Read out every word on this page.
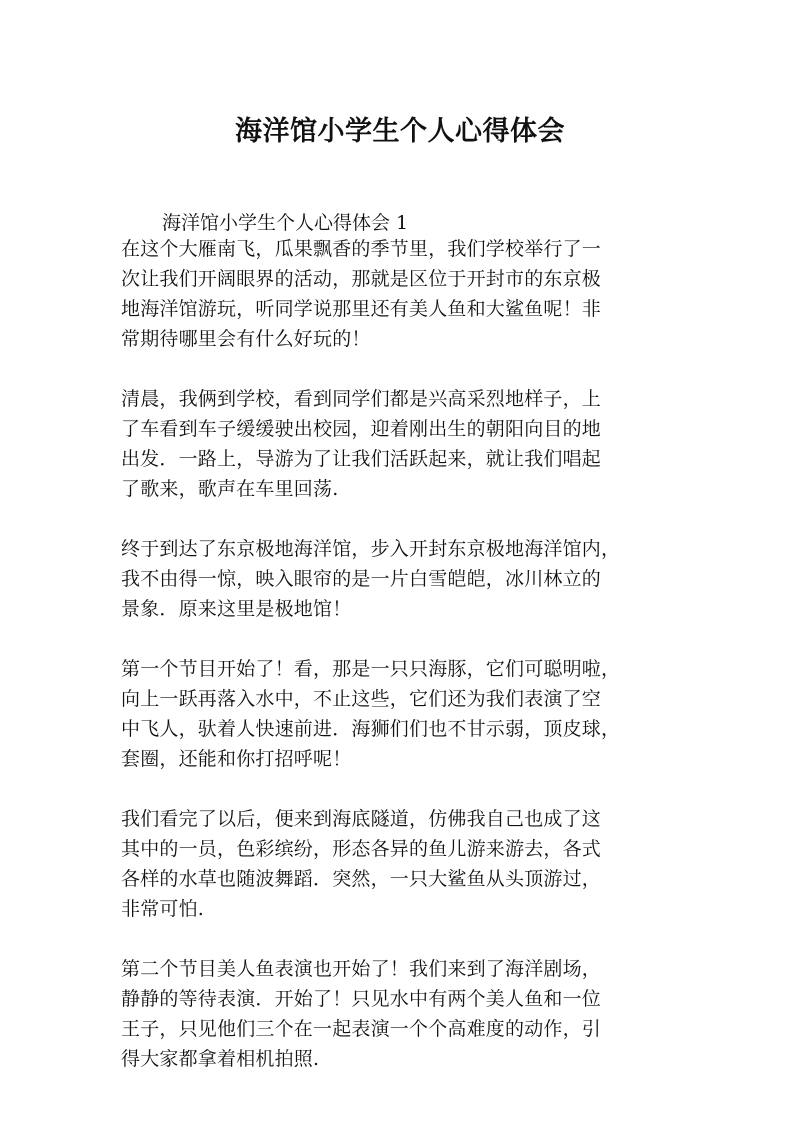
海洋馆小学生个人心得体会

海洋馆小学生个人心得体会 1

在这个大雁南飞，瓜果飘香的季节里，我们学校举行了一
次让我们开阔眼界的活动，那就是区位于开封市的东京极
地海洋馆游玩，听同学说那里还有美人鱼和大鲨鱼呢！非
常期待哪里会有什么好玩的！
清晨，我俩到学校，看到同学们都是兴高采烈地样子，上
了车看到车子缓缓驶出校园，迎着刚出生的朝阳向目的地
出发．一路上，导游为了让我们活跃起来，就让我们唱起
了歌来，歌声在车里回荡.
终于到达了东京极地海洋馆，步入开封东京极地海洋馆内，
我不由得一惊，映入眼帘的是一片白雪皑皑，冰川林立的
景象．原来这里是极地馆！
第一个节目开始了！看，那是一只只海豚，它们可聪明啦，
向上一跃再落入水中，不止这些，它们还为我们表演了空
中飞人，驮着人快速前进．海狮们们也不甘示弱，顶皮球，
套圈，还能和你打招呼呢！
我们看完了以后，便来到海底隧道，仿佛我自己也成了这
其中的一员，色彩缤纷，形态各异的鱼儿游来游去，各式
各样的水草也随波舞蹈．突然，一只大鲨鱼从头顶游过，
非常可怕.
第二个节目美人鱼表演也开始了！我们来到了海洋剧场，
静静的等待表演．开始了！只见水中有两个美人鱼和一位
王子，只见他们三个在一起表演一个个高难度的动作，引
得大家都拿着相机拍照.
